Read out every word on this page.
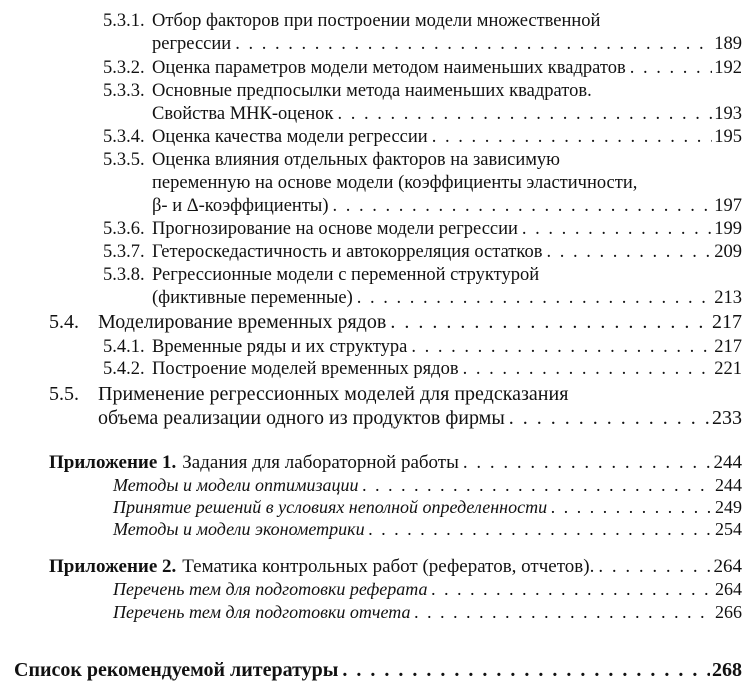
5.3.1. Отбор факторов при построении модели множественной
регрессии . . .	189
5.3.2. Оценка параметров модели методом наименьших квадратов . . .	192
5.3.3. Основные предпосылки метода наименьших квадратов.
Свойства МНК-оценок . . .	193
5.3.4. Оценка качества модели регрессии . . .	195
5.3.5. Оценка влияния отдельных факторов на зависимую
переменную на основе модели (коэффициенты эластичности,
β- и Δ-коэффициенты) . . .	197
5.3.6. Прогнозирование на основе модели регрессии . . .	199
5.3.7. Гетероскедастичность и автокорреляция остатков . . .	209
5.3.8. Регрессионные модели с переменной структурой
(фиктивные переменные) . . .	213
5.4. Моделирование временных рядов . . .	217
5.4.1. Временные ряды и их структура . . .	217
5.4.2. Построение моделей временных рядов . . .	221
5.5. Применение регрессионных моделей для предсказания
объема реализации одного из продуктов фирмы . . .	233
Приложение 1. Задания для лабораторной работы . . .	244
Методы и модели оптимизации . . .	244
Принятие решений в условиях неполной определенности . . .	249
Методы и модели эконометрики . . .	254
Приложение 2. Тематика контрольных работ (рефератов, отчетов). . . .	264
Перечень тем для подготовки реферата . . .	264
Перечень тем для подготовки отчета . . .	266
Список рекомендуемой литературы . . .	268
